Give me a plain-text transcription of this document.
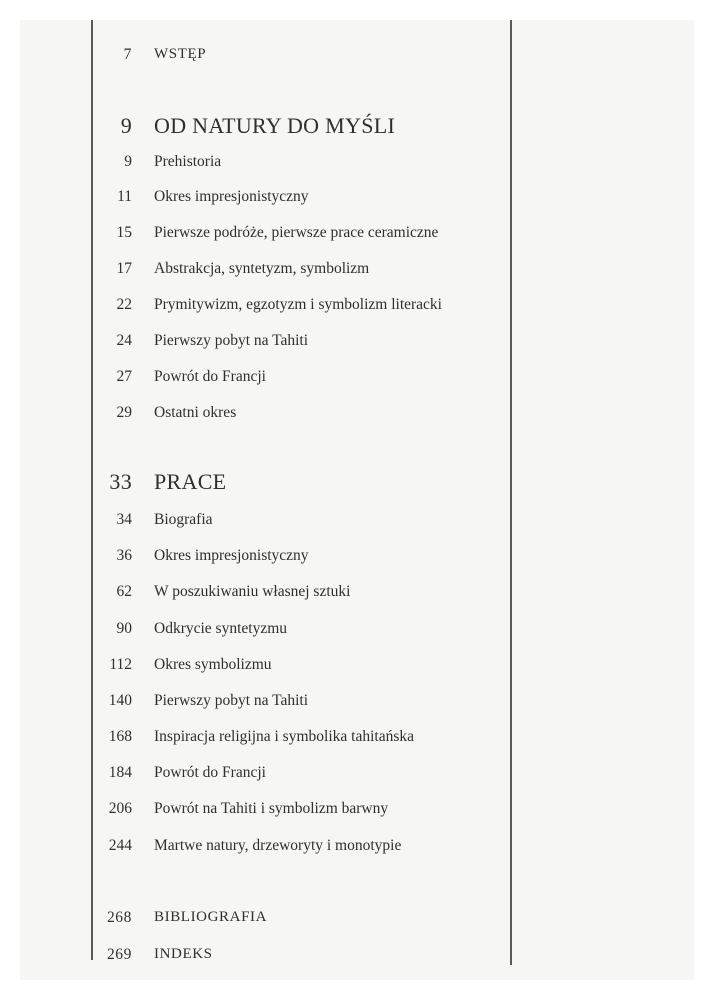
7 WSTĘP
9 OD NATURY DO MYŚLI
9 Prehistoria
11 Okres impresjonistyczny
15 Pierwsze podróże, pierwsze prace ceramiczne
17 Abstrakcja, syntetyzm, symbolizm
22 Prymitywizm, egzotyzm i symbolizm literacki
24 Pierwszy pobyt na Tahiti
27 Powrót do Francji
29 Ostatni okres
33 PRACE
34 Biografia
36 Okres impresjonistyczny
62 W poszukiwaniu własnej sztuki
90 Odkrycie syntetyzmu
112 Okres symbolizmu
140 Pierwszy pobyt na Tahiti
168 Inspiracja religijna i symbolika tahitańska
184 Powrót do Francji
206 Powrót na Tahiti i symbolizm barwny
244 Martwe natury, drzeworyty i monotypie
268 BIBLIOGRAFIA
269 INDEKS
